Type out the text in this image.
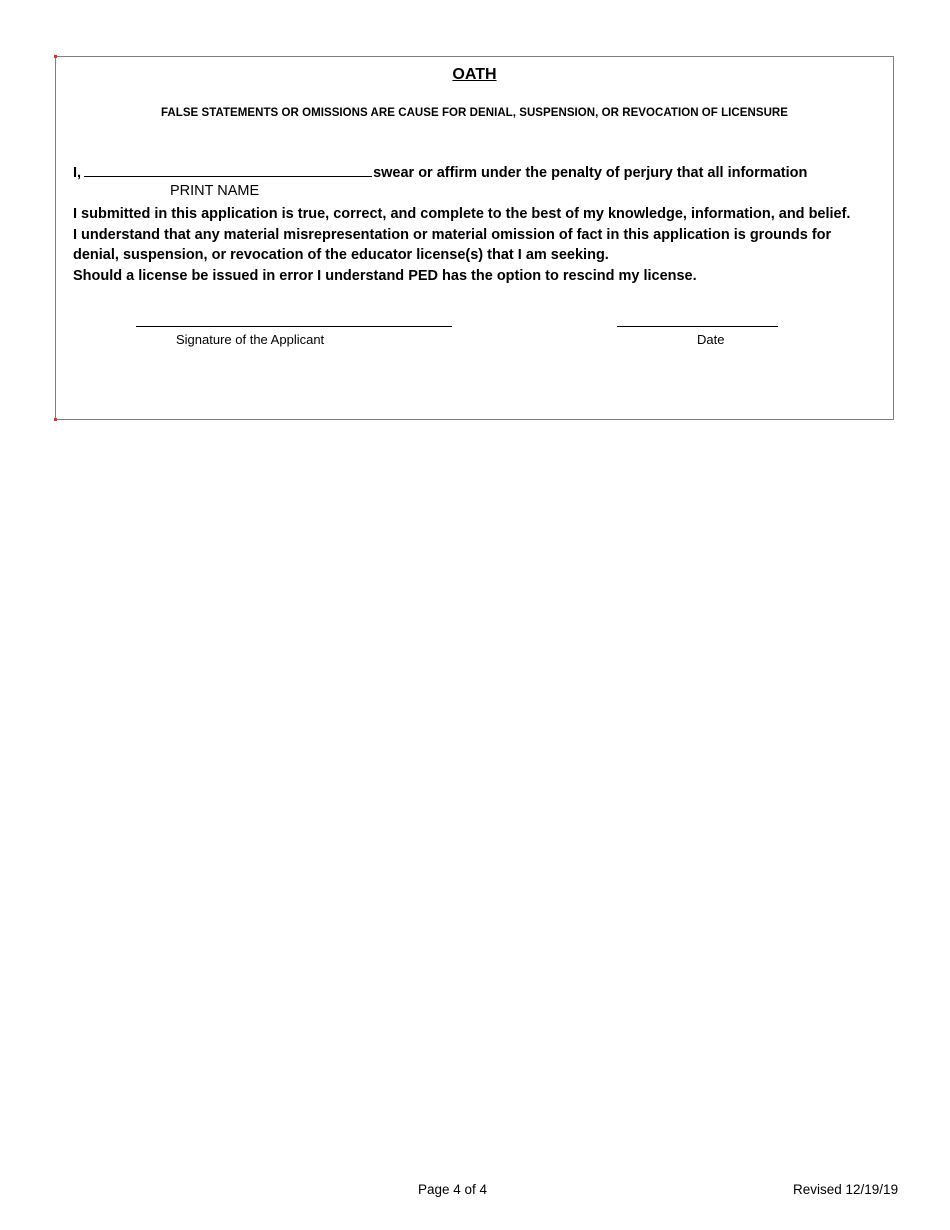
OATH
FALSE STATEMENTS OR OMISSIONS ARE CAUSE FOR DENIAL, SUSPENSION, OR REVOCATION OF LICENSURE
I,	swear or affirm under the penalty of perjury that all information
PRINT NAME

I submitted in this application is true, correct, and complete to the best of my knowledge, information, and belief.

I understand that any material misrepresentation or material omission of fact in this application is grounds for

denial, suspension, or revocation of the educator license(s) that I am seeking.

Should a license be issued in error I understand PED has the option to rescind my license.

Signature of the Applicant	Date
Page 4 of 4	Revised 12/19/19
